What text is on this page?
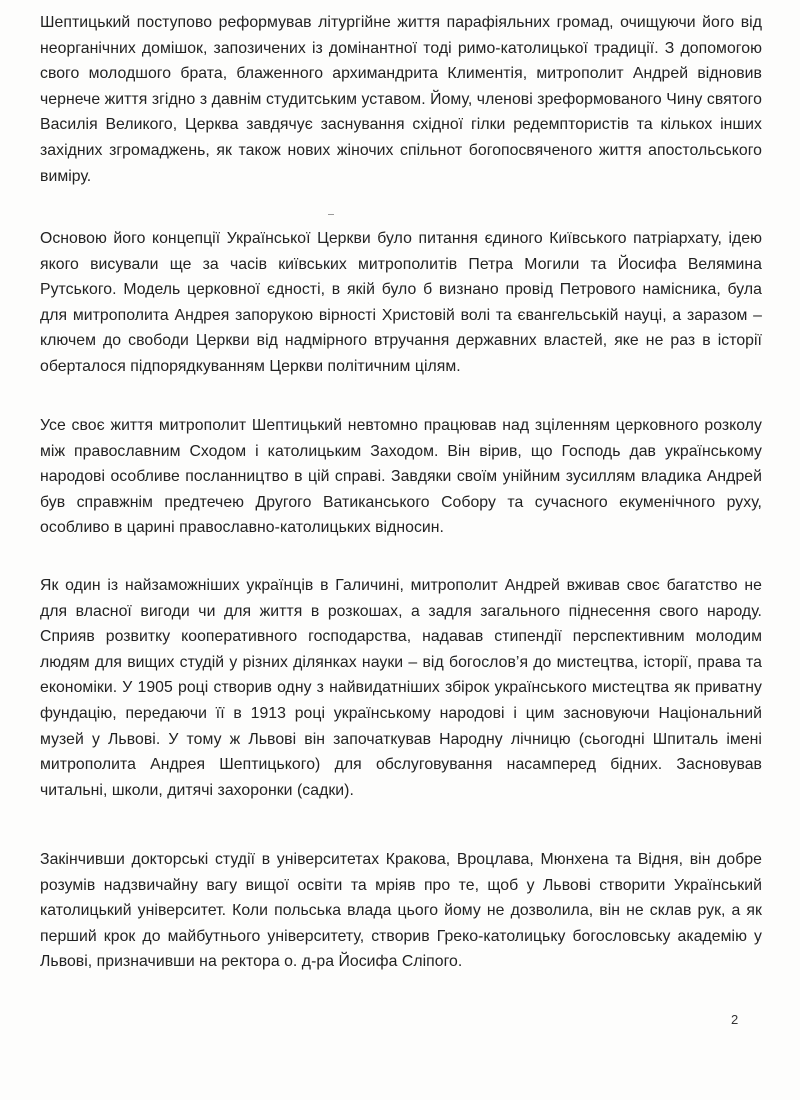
Шептицький поступово реформував літургійне життя парафіяльних громад, очищуючи його від неорганічних домішок, запозичених із домінантної тоді римо-католицької традиції. З допомогою свого молодшого брата, блаженного архимандрита Климентія, митрополит Андрей відновив чернече життя згідно з давнім студитським уставом. Йому, членові зреформованого Чину святого Василія Великого, Церква завдячує заснування східної гілки редемптористів та кількох інших західних згромаджень, як також нових жіночих спільнот богопосвяченого життя апостольського виміру.

Основою його концепції Української Церкви було питання єдиного Київського патріархату, ідею якого висували ще за часів київських митрополитів Петра Могили та Йосифа Велямина Рутського. Модель церковної єдності, в якій було б визнано провід Петрового намісника, була для митрополита Андрея запорукою вірності Христовій волі та євангельській науці, а заразом – ключем до свободи Церкви від надмірного втручання державних властей, яке не раз в історії оберталося підпорядкуванням Церкви політичним цілям.

Усе своє життя митрополит Шептицький невтомно працював над зціленням церковного розколу між православним Сходом і католицьким Заходом. Він вірив, що Господь дав українському народові особливе посланництво в цій справі. Завдяки своїм унійним зусиллям владика Андрей був справжнім предтечею Другого Ватиканського Собору та сучасного екуменічного руху, особливо в царині православно-католицьких відносин.

Як один із найзаможніших українців в Галичині, митрополит Андрей вживав своє багатство не для власної вигоди чи для життя в розкошах, а задля загального піднесення свого народу. Сприяв розвитку кооперативного господарства, надавав стипендії перспективним молодим людям для вищих студій у різних ділянках науки – від богослов’я до мистецтва, історії, права та економіки. У 1905 році створив одну з найвидатніших збірок українського мистецтва як приватну фундацію, передаючи її в 1913 році українському народові і цим засновуючи Національний музей у Львові. У тому ж Львові він започаткував Народну лічницю (сьогодні Шпиталь імені митрополита Андрея Шептицького) для обслуговування насамперед бідних. Засновував читальні, школи, дитячі захоронки (садки).

Закінчивши докторські студії в університетах Кракова, Вроцлава, Мюнхена та Відня, він добре розумів надзвичайну вагу вищої освіти та мріяв про те, щоб у Львові створити Український католицький університет. Коли польська влада цього йому не дозволила, він не склав рук, а як перший крок до майбутнього університету, створив Греко-католицьку богословську академію у Львові, призначивши на ректора о. д-ра Йосифа Сліпого.

2
